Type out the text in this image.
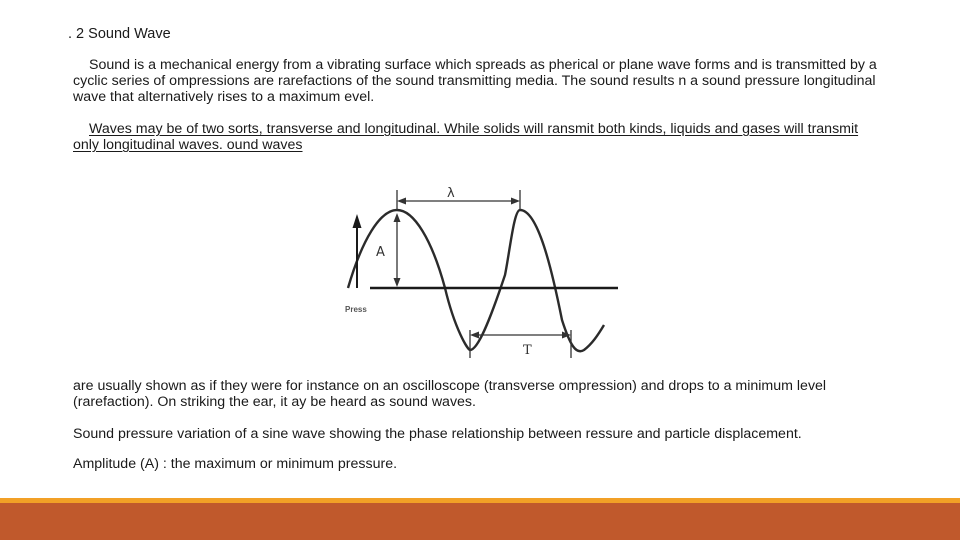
. 2 Sound Wave
Sound is a mechanical energy from a vibrating surface which spreads as pherical or plane wave forms and is transmitted by a cyclic series of ompressions are rarefactions of the sound transmitting media. The sound results n a sound pressure longitudinal wave that alternatively rises to a maximum evel.
Waves may be of two sorts, transverse and longitudinal. While solids will ransmit both kinds, liquids and gases will transmit only longitudinal waves. ound waves
λ
A
Press
T
are usually shown as if they were for instance on an oscilloscope (transverse ompression) and drops to a minimum level (rarefaction). On striking the ear, it ay be heard as sound waves.
Sound pressure variation of a sine wave showing the phase relationship between ressure and particle displacement.
Amplitude (A) : the maximum or minimum pressure.
